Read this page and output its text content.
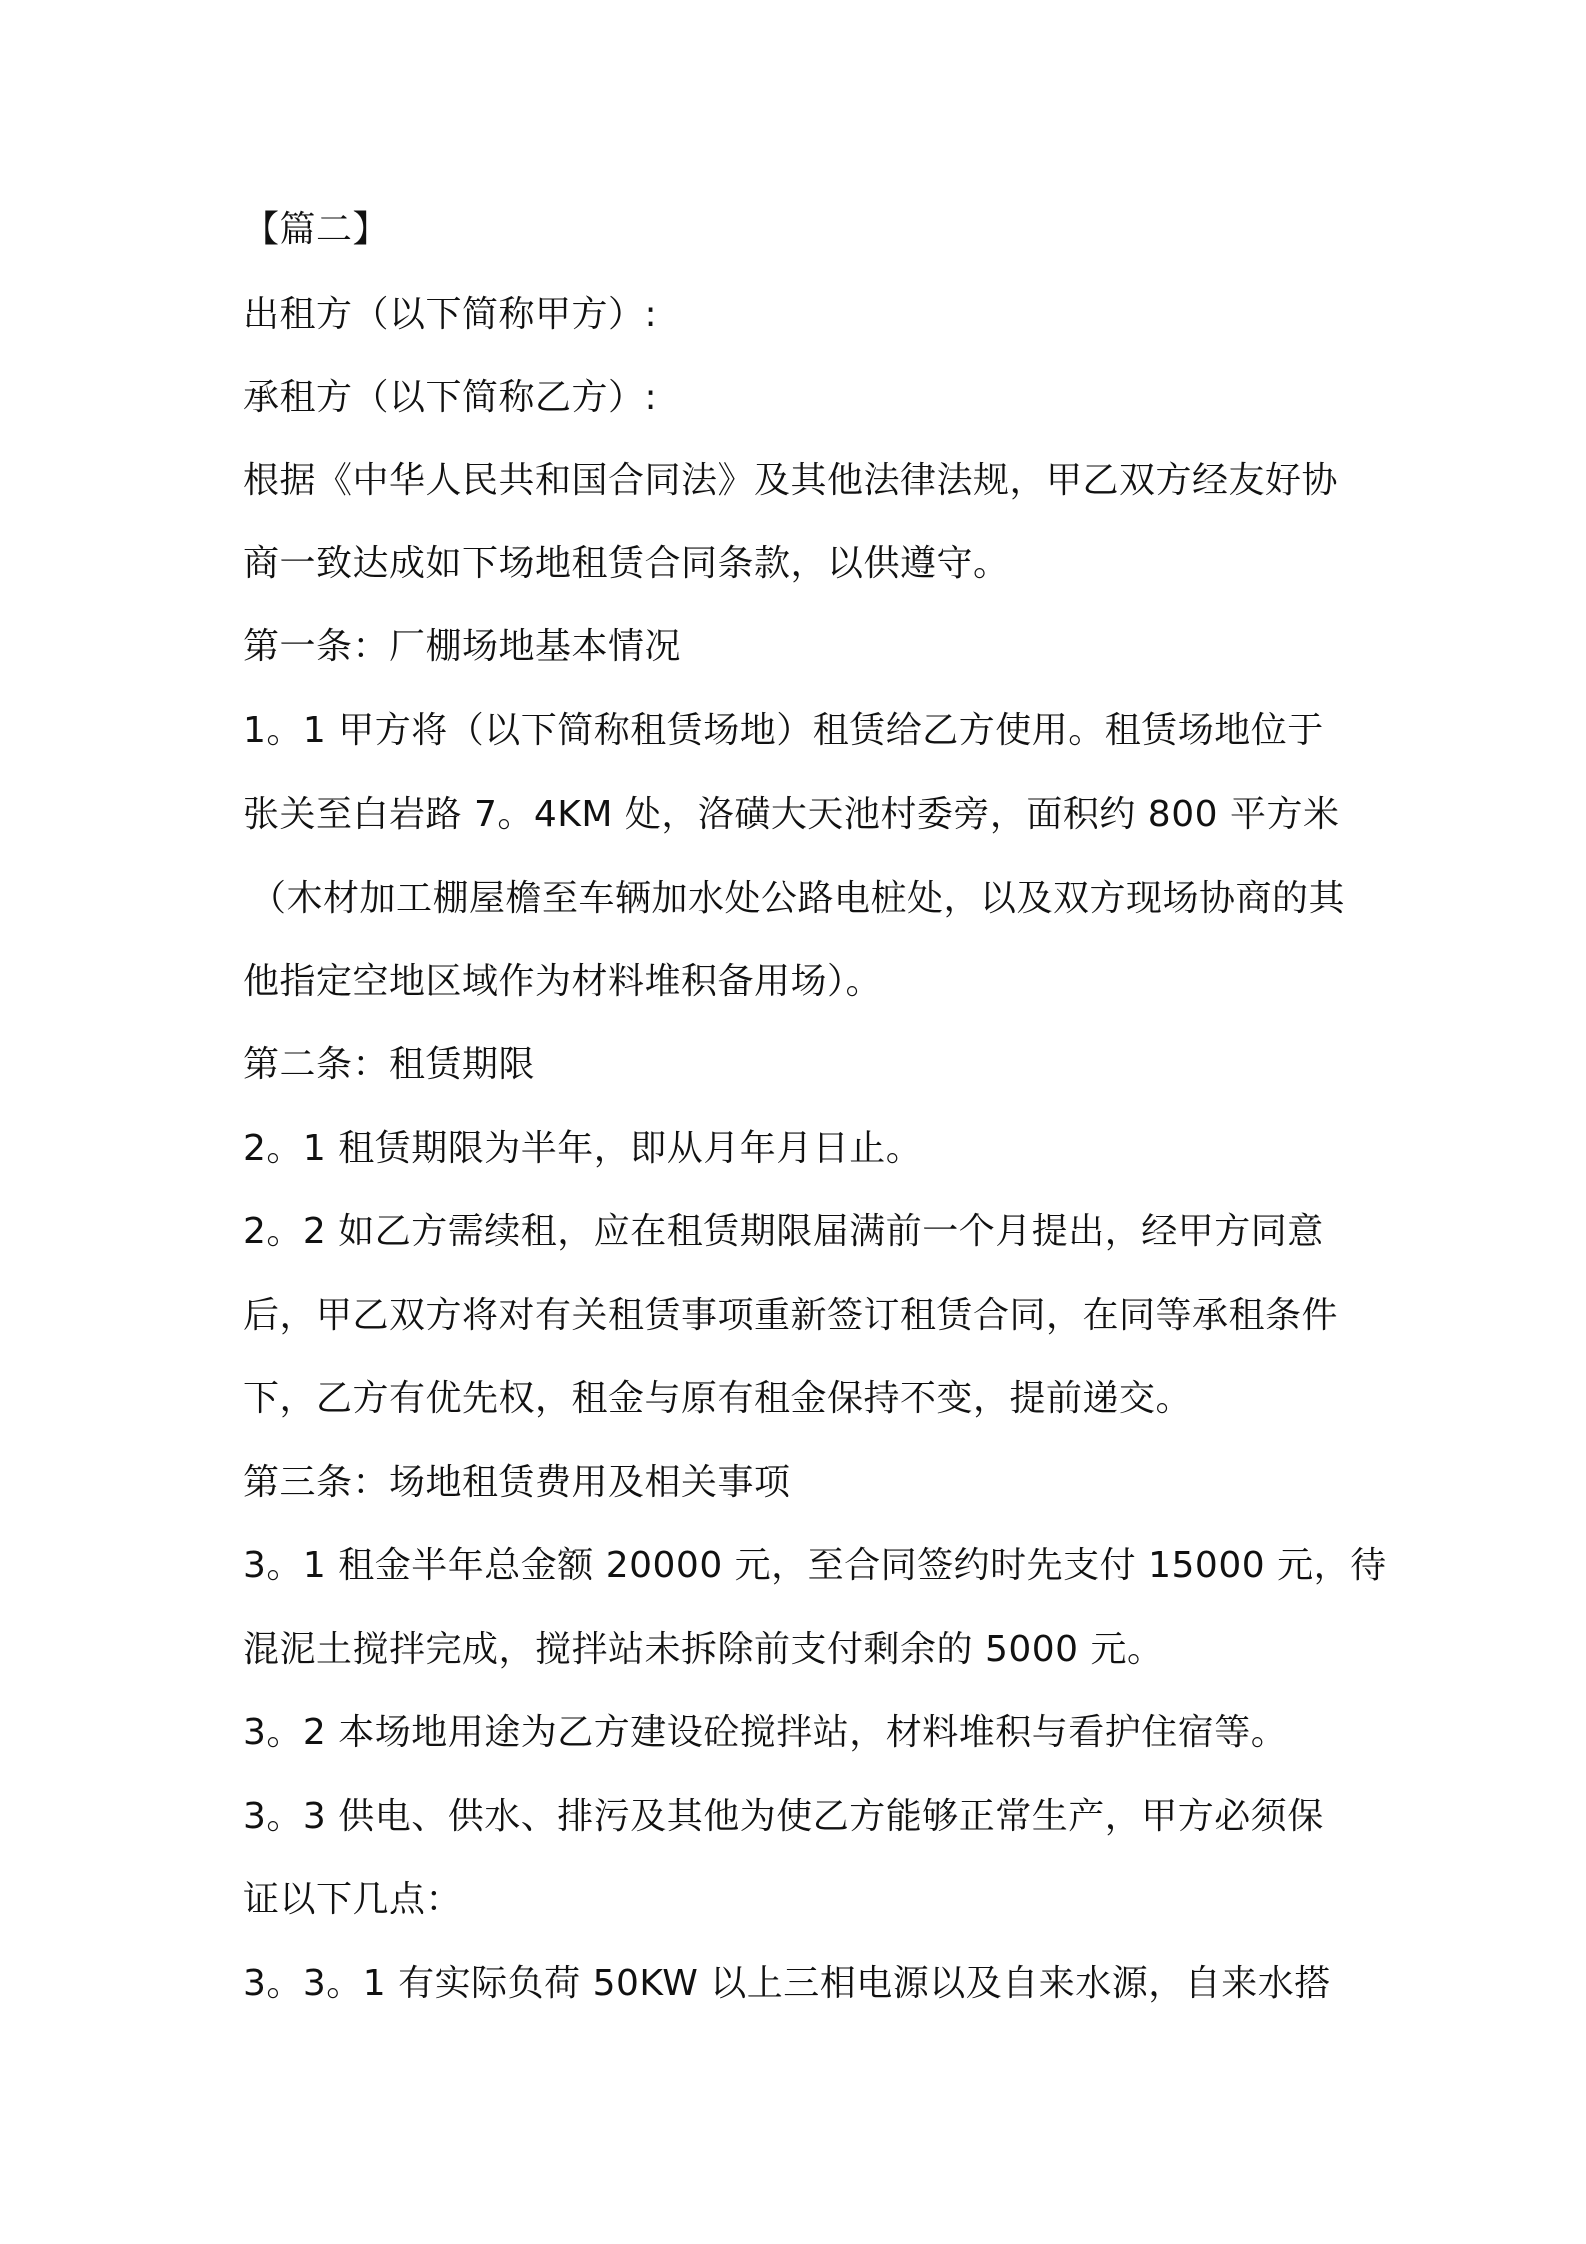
【篇二】
出租方（以下简称甲方）:
承租方（以下简称乙方）:
根据《中华人民共和国合同法》及其他法律法规，甲乙双方经友好协
商一致达成如下场地租赁合同条款，以供遵守。
第一条：厂棚场地基本情况
1。1 甲方将（以下简称租赁场地）租赁给乙方使用。租赁场地位于
张关至白岩路 7。4KM 处，洛磺大天池村委旁，面积约 800 平方米
（木材加工棚屋檐至车辆加水处公路电桩处，以及双方现场协商的其
他指定空地区域作为材料堆积备用场）。
第二条：租赁期限
2。1 租赁期限为半年，即从月年月日止。
2。2 如乙方需续租，应在租赁期限届满前一个月提出，经甲方同意
后，甲乙双方将对有关租赁事项重新签订租赁合同，在同等承租条件
下，乙方有优先权，租金与原有租金保持不变，提前递交。
第三条：场地租赁费用及相关事项
3。1 租金半年总金额 20000 元，至合同签约时先支付 15000 元，待
混泥土搅拌完成，搅拌站未拆除前支付剩余的 5000 元。
3。2 本场地用途为乙方建设砼搅拌站，材料堆积与看护住宿等。
3。3 供电、供水、排污及其他为使乙方能够正常生产，甲方必须保
证以下几点：
3。3。1 有实际负荷 50KW 以上三相电源以及自来水源，自来水搭
